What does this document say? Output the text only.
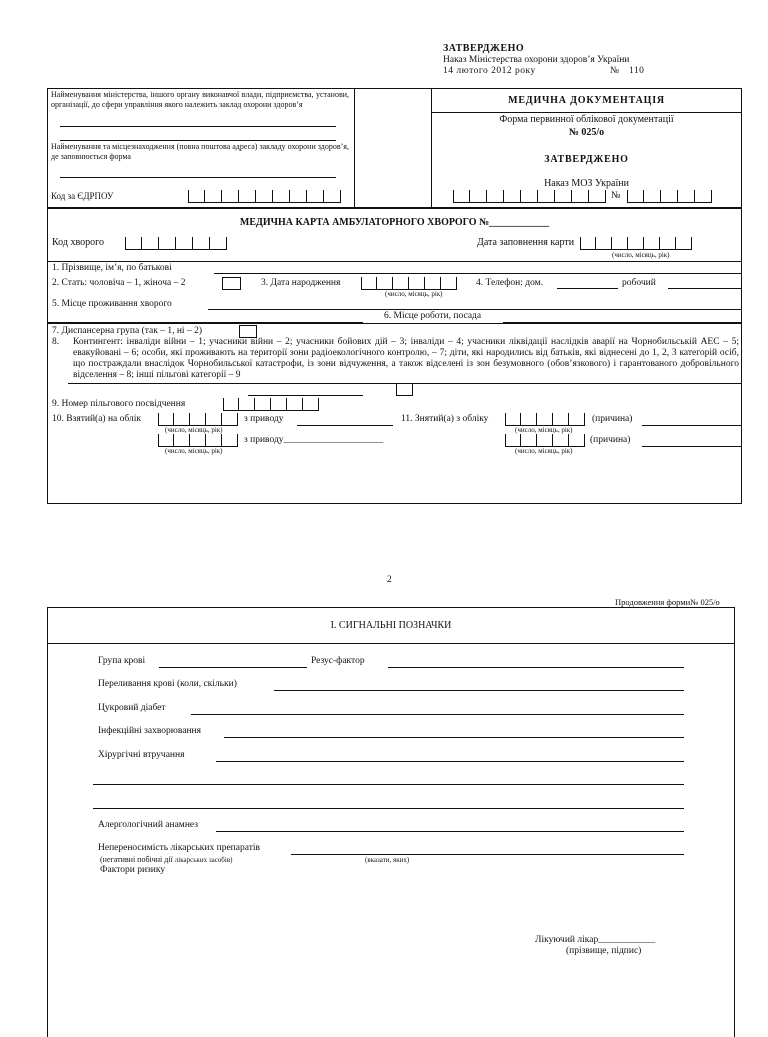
ЗАТВЕРДЖЕНО
Наказ Міністерства охорони здоров’я України
14 лютого 2012 року	№ 110
Найменування міністерства, іншого органу виконавчої влади, підприємства, установи, організації, до сфери управління якого належить заклад охорони здоров’я
Найменування та місцезнаходження (повна поштова адреса) закладу охорони здоров’я, де заповнюється форма
Код за ЄДРПОУ
МЕДИЧНА ДОКУМЕНТАЦІЯ
Форма первинної облікової документації
№ 025/о
ЗАТВЕРДЖЕНО
Наказ МОЗ України
№
МЕДИЧНА КАРТА АМБУЛАТОРНОГО ХВОРОГО №____________
Код хворого	Дата заповнення карти
(число, місяць, рік)
1. Прізвище, ім’я, по батькові
2. Стать: чоловіча – 1, жіноча – 2	3. Дата народження
(число, місяць, рік)
4. Телефон: дом.	робочий
5. Місце проживання хворого
6. Місце роботи, посада
7. Диспансерна група (так – 1, ні – 2)
8. Контингент: інваліди війни – 1; учасники війни – 2; учасники бойових дій – 3; інваліди – 4; учасники ліквідації наслідків аварії на Чорнобильській АЕС – 5; евакуйовані – 6; особи, які проживають на території зони радіоекологічного контролю, – 7; діти, які народились від батьків, які віднесені до 1, 2, 3 категорій осіб, що постраждали внаслідок Чорнобильської катастрофи, із зони відчуження, а також відселені із зон безумовного (обов’язкового) і гарантованого добровільного відселення – 8; інші пільгові категорії – 9
9. Номер пільгового посвідчення
10. Взятий(а) на облік	з приводу
(число, місяць, рік)
з приводу_____________________
(число, місяць, рік)
11. Знятий(а) з обліку	(причина)
(число, місяць, рік)
(причина)
(число, місяць, рік)
2
Продовження форми№ 025/о
І. СИГНАЛЬНІ ПОЗНАЧКИ
Група крові	Резус-фактор
Переливання крові (коли, скільки)
Цукровий діабет
Інфекційні захворювання
Хірургічні втручання
Алергологічний анамнез
Непереносимість лікарських препаратів
(негативні побічні дії лікарських засобів)	(вказати, яких)
Фактори ризику
Лікуючий лікар____________
(прізвище, підпис)
